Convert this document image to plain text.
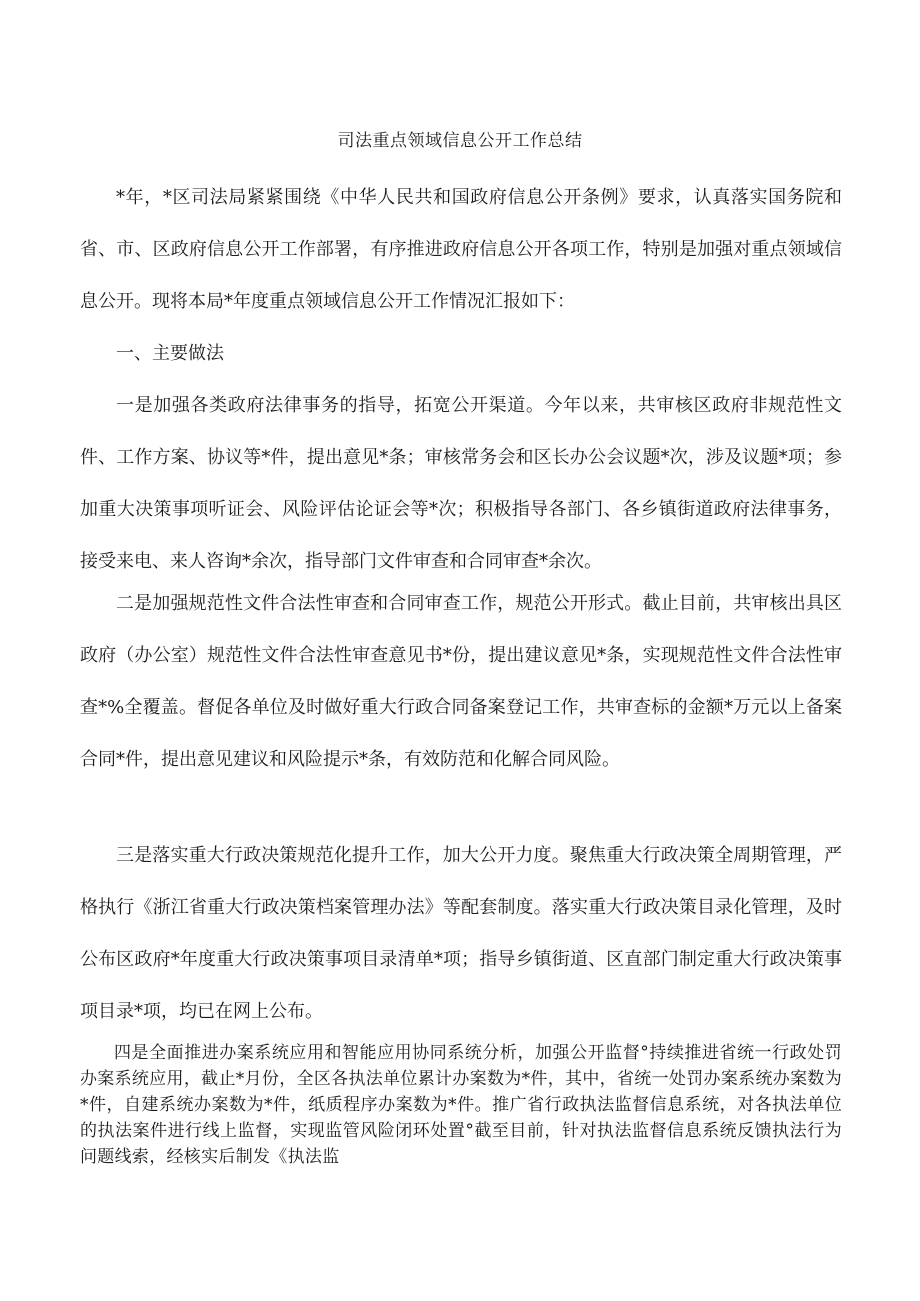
司法重点领域信息公开工作总结

*年，*区司法局紧紧围绕《中华人民共和国政府信息公开条例》要求，认真落实国务院和省、市、区政府信息公开工作部署，有序推进政府信息公开各项工作，特别是加强对重点领域信息公开。现将本局*年度重点领域信息公开工作情况汇报如下：

一、主要做法

一是加强各类政府法律事务的指导，拓宽公开渠道。今年以来，共审核区政府非规范性文件、工作方案、协议等*件，提出意见*条；审核常务会和区长办公会议题*次，涉及议题*项；参加重大决策事项听证会、风险评估论证会等*次；积极指导各部门、各乡镇街道政府法律事务，接受来电、来人咨询*余次，指导部门文件审查和合同审查*余次。

二是加强规范性文件合法性审查和合同审查工作，规范公开形式。截止目前，共审核出具区政府（办公室）规范性文件合法性审查意见书*份，提出建议意见*条，实现规范性文件合法性审查*%全覆盖。督促各单位及时做好重大行政合同备案登记工作，共审查标的金额*万元以上备案合同*件，提出意见建议和风险提示*条，有效防范和化解合同风险。

三是落实重大行政决策规范化提升工作，加大公开力度。聚焦重大行政决策全周期管理，严格执行《浙江省重大行政决策档案管理办法》等配套制度。落实重大行政决策目录化管理，及时公布区政府*年度重大行政决策事项目录清单*项；指导乡镇街道、区直部门制定重大行政决策事项目录*项，均已在网上公布。

四是全面推进办案系统应用和智能应用协同系统分析，加强公开监督°持续推进省统一行政处罚办案系统应用，截止*月份，全区各执法单位累计办案数为*件，其中，省统一处罚办案系统办案数为*件，自建系统办案数为*件，纸质程序办案数为*件。推广省行政执法监督信息系统，对各执法单位的执法案件进行线上监督，实现监管风险闭环处置°截至目前，针对执法监督信息系统反馈执法行为问题线索，经核实后制发《执法监
